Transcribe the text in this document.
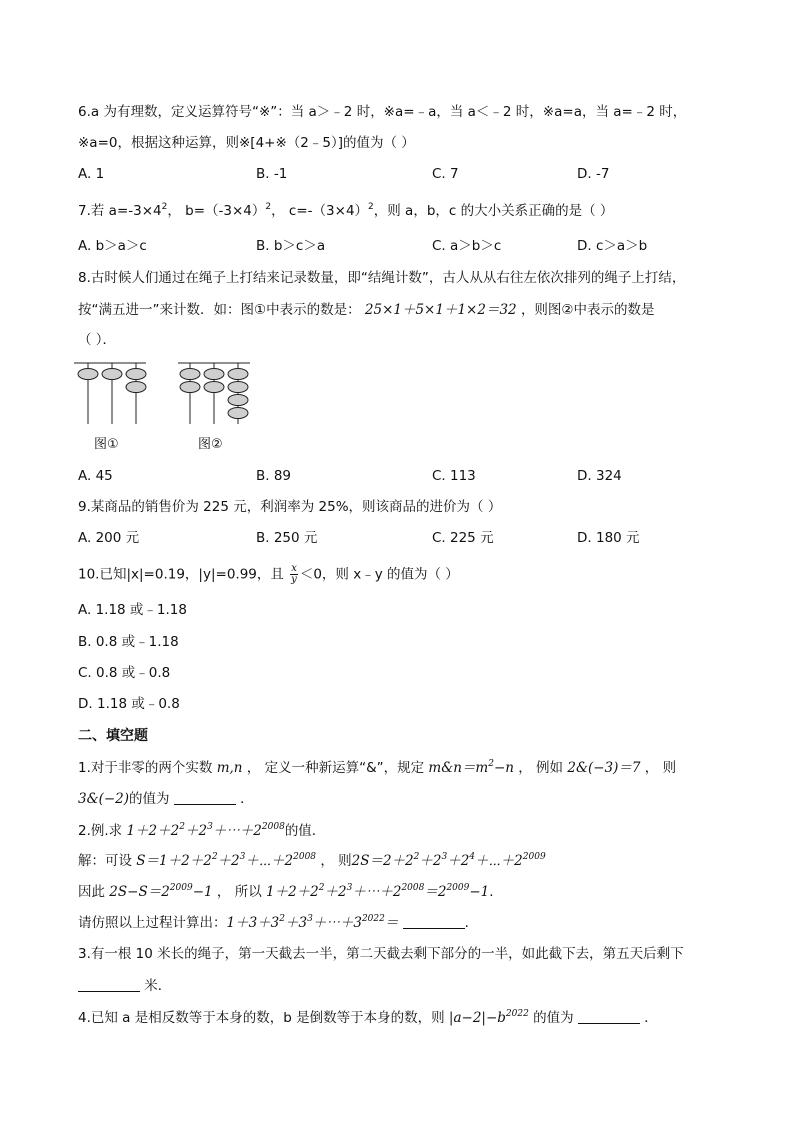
6.a 为有理数，定义运算符号“※”：当 a＞﹣2 时，※a=﹣a，当 a＜﹣2 时，※a=a，当 a=﹣2 时，
※a=0，根据这种运算，则※[4+※（2﹣5）]的值为（ ）
A. 1	B. -1	C. 7	D. -7
7.若 $a=-3\times 4^2$， $b=(-3\times 4)^2$， $c=-(3\times 4)^2$，则 a，b，c 的大小关系正确的是（ ）
A. b＞a＞c	B. b＞c＞a	C. a＞b＞c	D. c＞a＞b
8.古时候人们通过在绳子上打结来记录数量，即“结绳计数”，古人从从右往左依次排列的绳子上打结，
按“满五进一”来计数．如：图①中表示的数是： 25×1＋5×1＋1×2＝32 ，则图②中表示的数是
（ ）．
图①	图②
A. 45	B. 89	C. 113	D. 324
9.某商品的销售价为 225 元，利润率为 25%，则该商品的进价为（ ）
A. 200 元	B. 250 元	C. 225 元	D. 180 元
10.已知|x|=0.19，|y|=0.99，且 $\frac{x}{y} <0$，则 x﹣y 的值为（ ）
A. 1.18 或﹣1.18
B. 0.8 或﹣1.18
C. 0.8 或﹣0.8
D. 1.18 或﹣0.8
二、填空题
1.对于非零的两个实数 m,n ， 定义一种新运算“&”，规定 $m\&n=m^2-n$ ， 例如 2&(−3)＝7 ， 则
3&(−2)的值为	．
2.例.求 $1+2+2^2+2^3+\cdots+2^{2008}$的值.
解：可设 $S=1+2+2^2+2^3+\cdots+2^{2008}$ ， 则$2S=2+2^2+2^3+2^4+\cdots+2^{2009}$
因此 $2S-S=2^{2009}-1$ ， 所以 $1+2+2^2+2^3+\cdots+2^{2008}=2^{2009}-1$.
请仿照以上过程计算出：$1+3+3^2+3^3+\cdots+3^{2022}=$	.
3.有一根 10 米长的绳子，第一天截去一半，第二天截去剩下部分的一半，如此截下去，第五天后剩下
米．
4.已知 a 是相反数等于本身的数，b 是倒数等于本身的数，则 $|a-2|-b^{2022}$ 的值为	．
